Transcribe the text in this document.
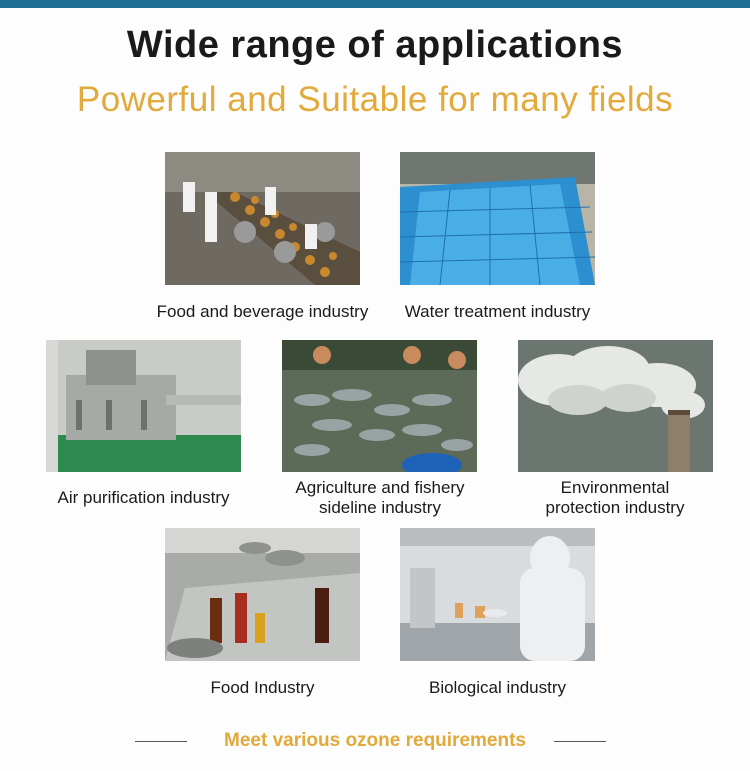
Wide range of applications
Powerful and Suitable for many fields
Food and beverage industry	Water treatment industry
Air purification industry
Agriculture and fishery
sideline industry
Environmental
protection industry
Food Industry	Biological industry
Meet various ozone requirements
